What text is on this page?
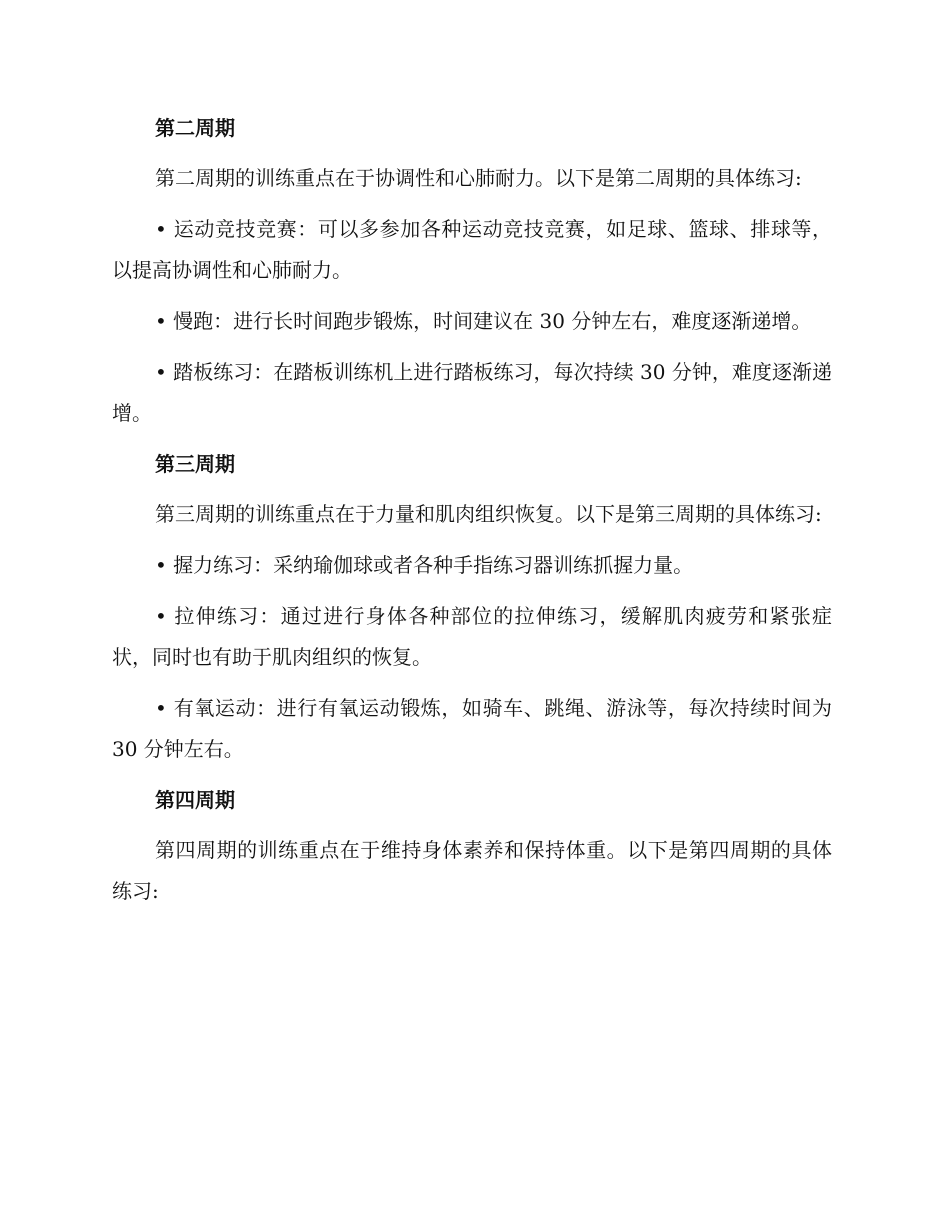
第二周期

第二周期的训练重点在于协调性和心肺耐力。以下是第二周期的具体练习:

• 运动竞技竞赛：可以多参加各种运动竞技竞赛，如足球、篮球、排球等，以提高协调性和心肺耐力。

• 慢跑：进行长时间跑步锻炼，时间建议在 30 分钟左右，难度逐渐递增。

• 踏板练习：在踏板训练机上进行踏板练习，每次持续 30 分钟，难度逐渐递增。

第三周期

第三周期的训练重点在于力量和肌肉组织恢复。以下是第三周期的具体练习:

• 握力练习：采纳瑜伽球或者各种手指练习器训练抓握力量。

• 拉伸练习：通过进行身体各种部位的拉伸练习，缓解肌肉疲劳和紧张症状，同时也有助于肌肉组织的恢复。

• 有氧运动：进行有氧运动锻炼，如骑车、跳绳、游泳等，每次持续时间为 30 分钟左右。

第四周期

第四周期的训练重点在于维持身体素养和保持体重。以下是第四周期的具体练习:
